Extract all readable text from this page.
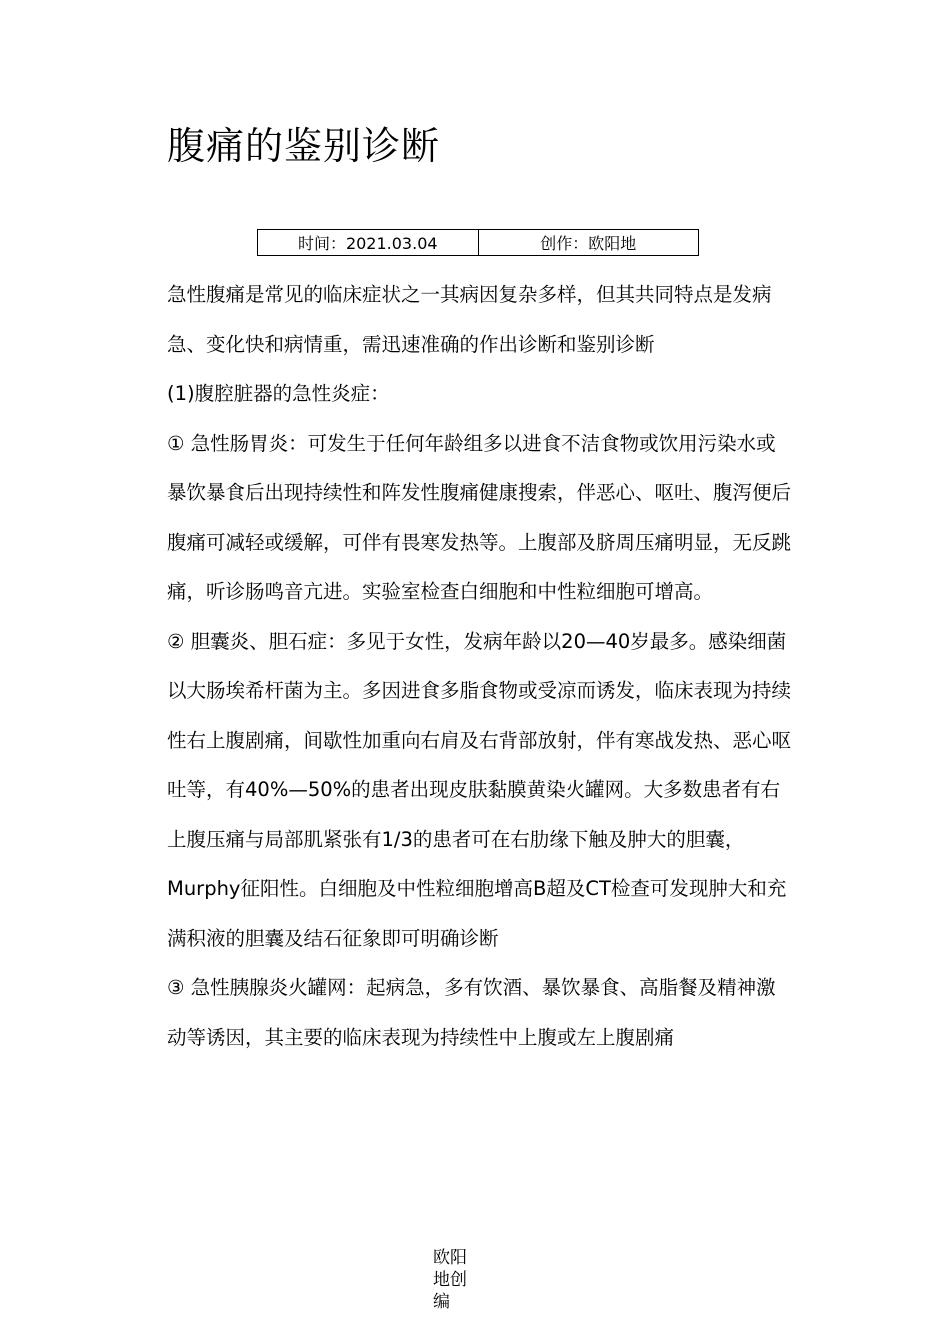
腹痛的鉴别诊断
时间：2021.03.04	创作：欧阳地

急性腹痛是常见的临床症状之一其病因复杂多样，但其共同特点是发病急、变化快和病情重，需迅速准确的作出诊断和鉴别诊断

(1)腹腔脏器的急性炎症：

① 急性肠胃炎：可发生于任何年龄组多以进食不洁食物或饮用污染水或暴饮暴食后出现持续性和阵发性腹痛健康搜索，伴恶心、呕吐、腹泻便后腹痛可减轻或缓解，可伴有畏寒发热等。上腹部及脐周压痛明显，无反跳痛，听诊肠鸣音亢进。实验室检查白细胞和中性粒细胞可增高。

② 胆囊炎、胆石症：多见于女性，发病年龄以20—40岁最多。感染细菌以大肠埃希杆菌为主。多因进食多脂食物或受凉而诱发，临床表现为持续性右上腹剧痛，间歇性加重向右肩及右背部放射，伴有寒战发热、恶心呕吐等，有40%—50%的患者出现皮肤黏膜黄染火罐网。大多数患者有右上腹压痛与局部肌紧张有1/3的患者可在右肋缘下触及肿大的胆囊，Murphy征阳性。白细胞及中性粒细胞增高B超及CT检查可发现肿大和充满积液的胆囊及结石征象即可明确诊断

③ 急性胰腺炎火罐网：起病急，多有饮酒、暴饮暴食、高脂餐及精神激动等诱因，其主要的临床表现为持续性中上腹或左上腹剧痛

欧阳地创编
